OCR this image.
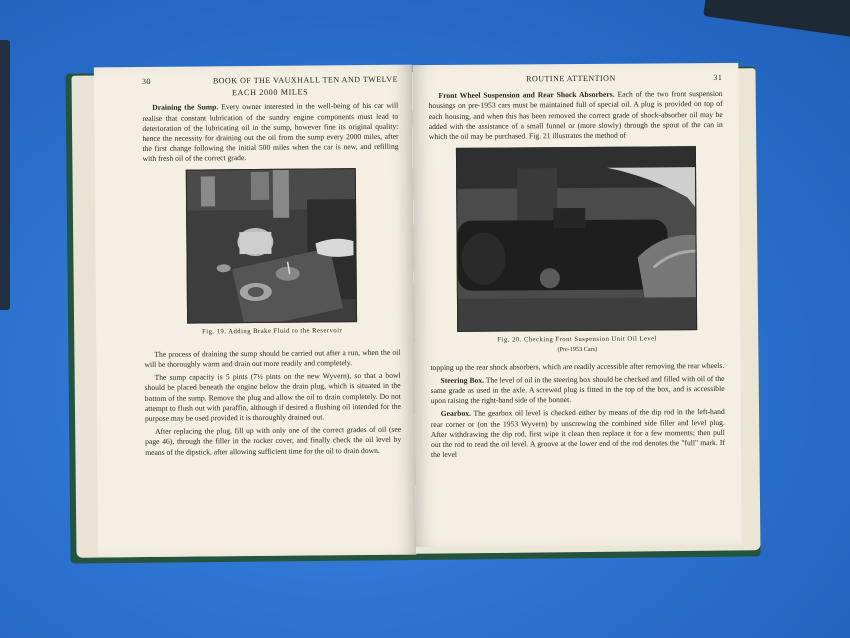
30	BOOK OF THE VAUXHALL TEN AND TWELVE
EACH 2000 MILES

Draining the Sump. Every owner interested in the well-being of his car will realise that constant lubrication of the sundry engine components must lead to deterioration of the lubricating oil in the sump, however fine its original quality: hence the necessity for draining out the oil from the sump every 2000 miles, after the first change following the initial 500 miles when the car is new, and refilling with fresh oil of the correct grade.

Fig. 19. Adding Brake Fluid to the Reservoir

The process of draining the sump should be carried out after a run, when the oil will be thoroughly warm and drain out more readily and completely.

The sump capacity is 5 pints (7½ pints on the new Wyvern), so that a bowl should be placed beneath the engine below the drain plug, which is situated in the bottom of the sump. Remove the plug and allow the oil to drain completely. Do not attempt to flush out with paraffin, although if desired a flushing oil intended for the purpose may be used provided it is thoroughly drained out.

After replacing the plug, fill up with only one of the correct grades of oil (see page 46), through the filler in the rocker cover, and finally check the oil level by means of the dipstick, after allowing sufficient time for the oil to drain down.

ROUTINE ATTENTION	31

Front Wheel Suspension and Rear Shock Absorbers. Each of the two front suspension housings on pre-1953 cars must be maintained full of special oil. A plug is provided on top of each housing, and when this has been removed the correct grade of shock-absorber oil may be added with the assistance of a small funnel or (more slowly) through the spout of the can in which the oil may be purchased. Fig. 21 illustrates the method of

Fig. 20. Checking Front Suspension Unit Oil Level
(Pre-1953 Cars)

topping up the rear shock absorbers, which are readily accessible after removing the rear wheels.

Steering Box. The level of oil in the steering box should be checked and filled with oil of the same grade as used in the axle. A screwed plug is fitted in the top of the box, and is accessible upon raising the right-hand side of the bonnet.

Gearbox. The gearbox oil level is checked either by means of the dip rod in the left-hand rear corner or (on the 1953 Wyvern) by unscrewing the combined side filler and level plug. After withdrawing the dip rod, first wipe it clean then replace it for a few moments; then pull out the rod to read the oil level. A groove at the lower end of the rod denotes the "full" mark. If the level
